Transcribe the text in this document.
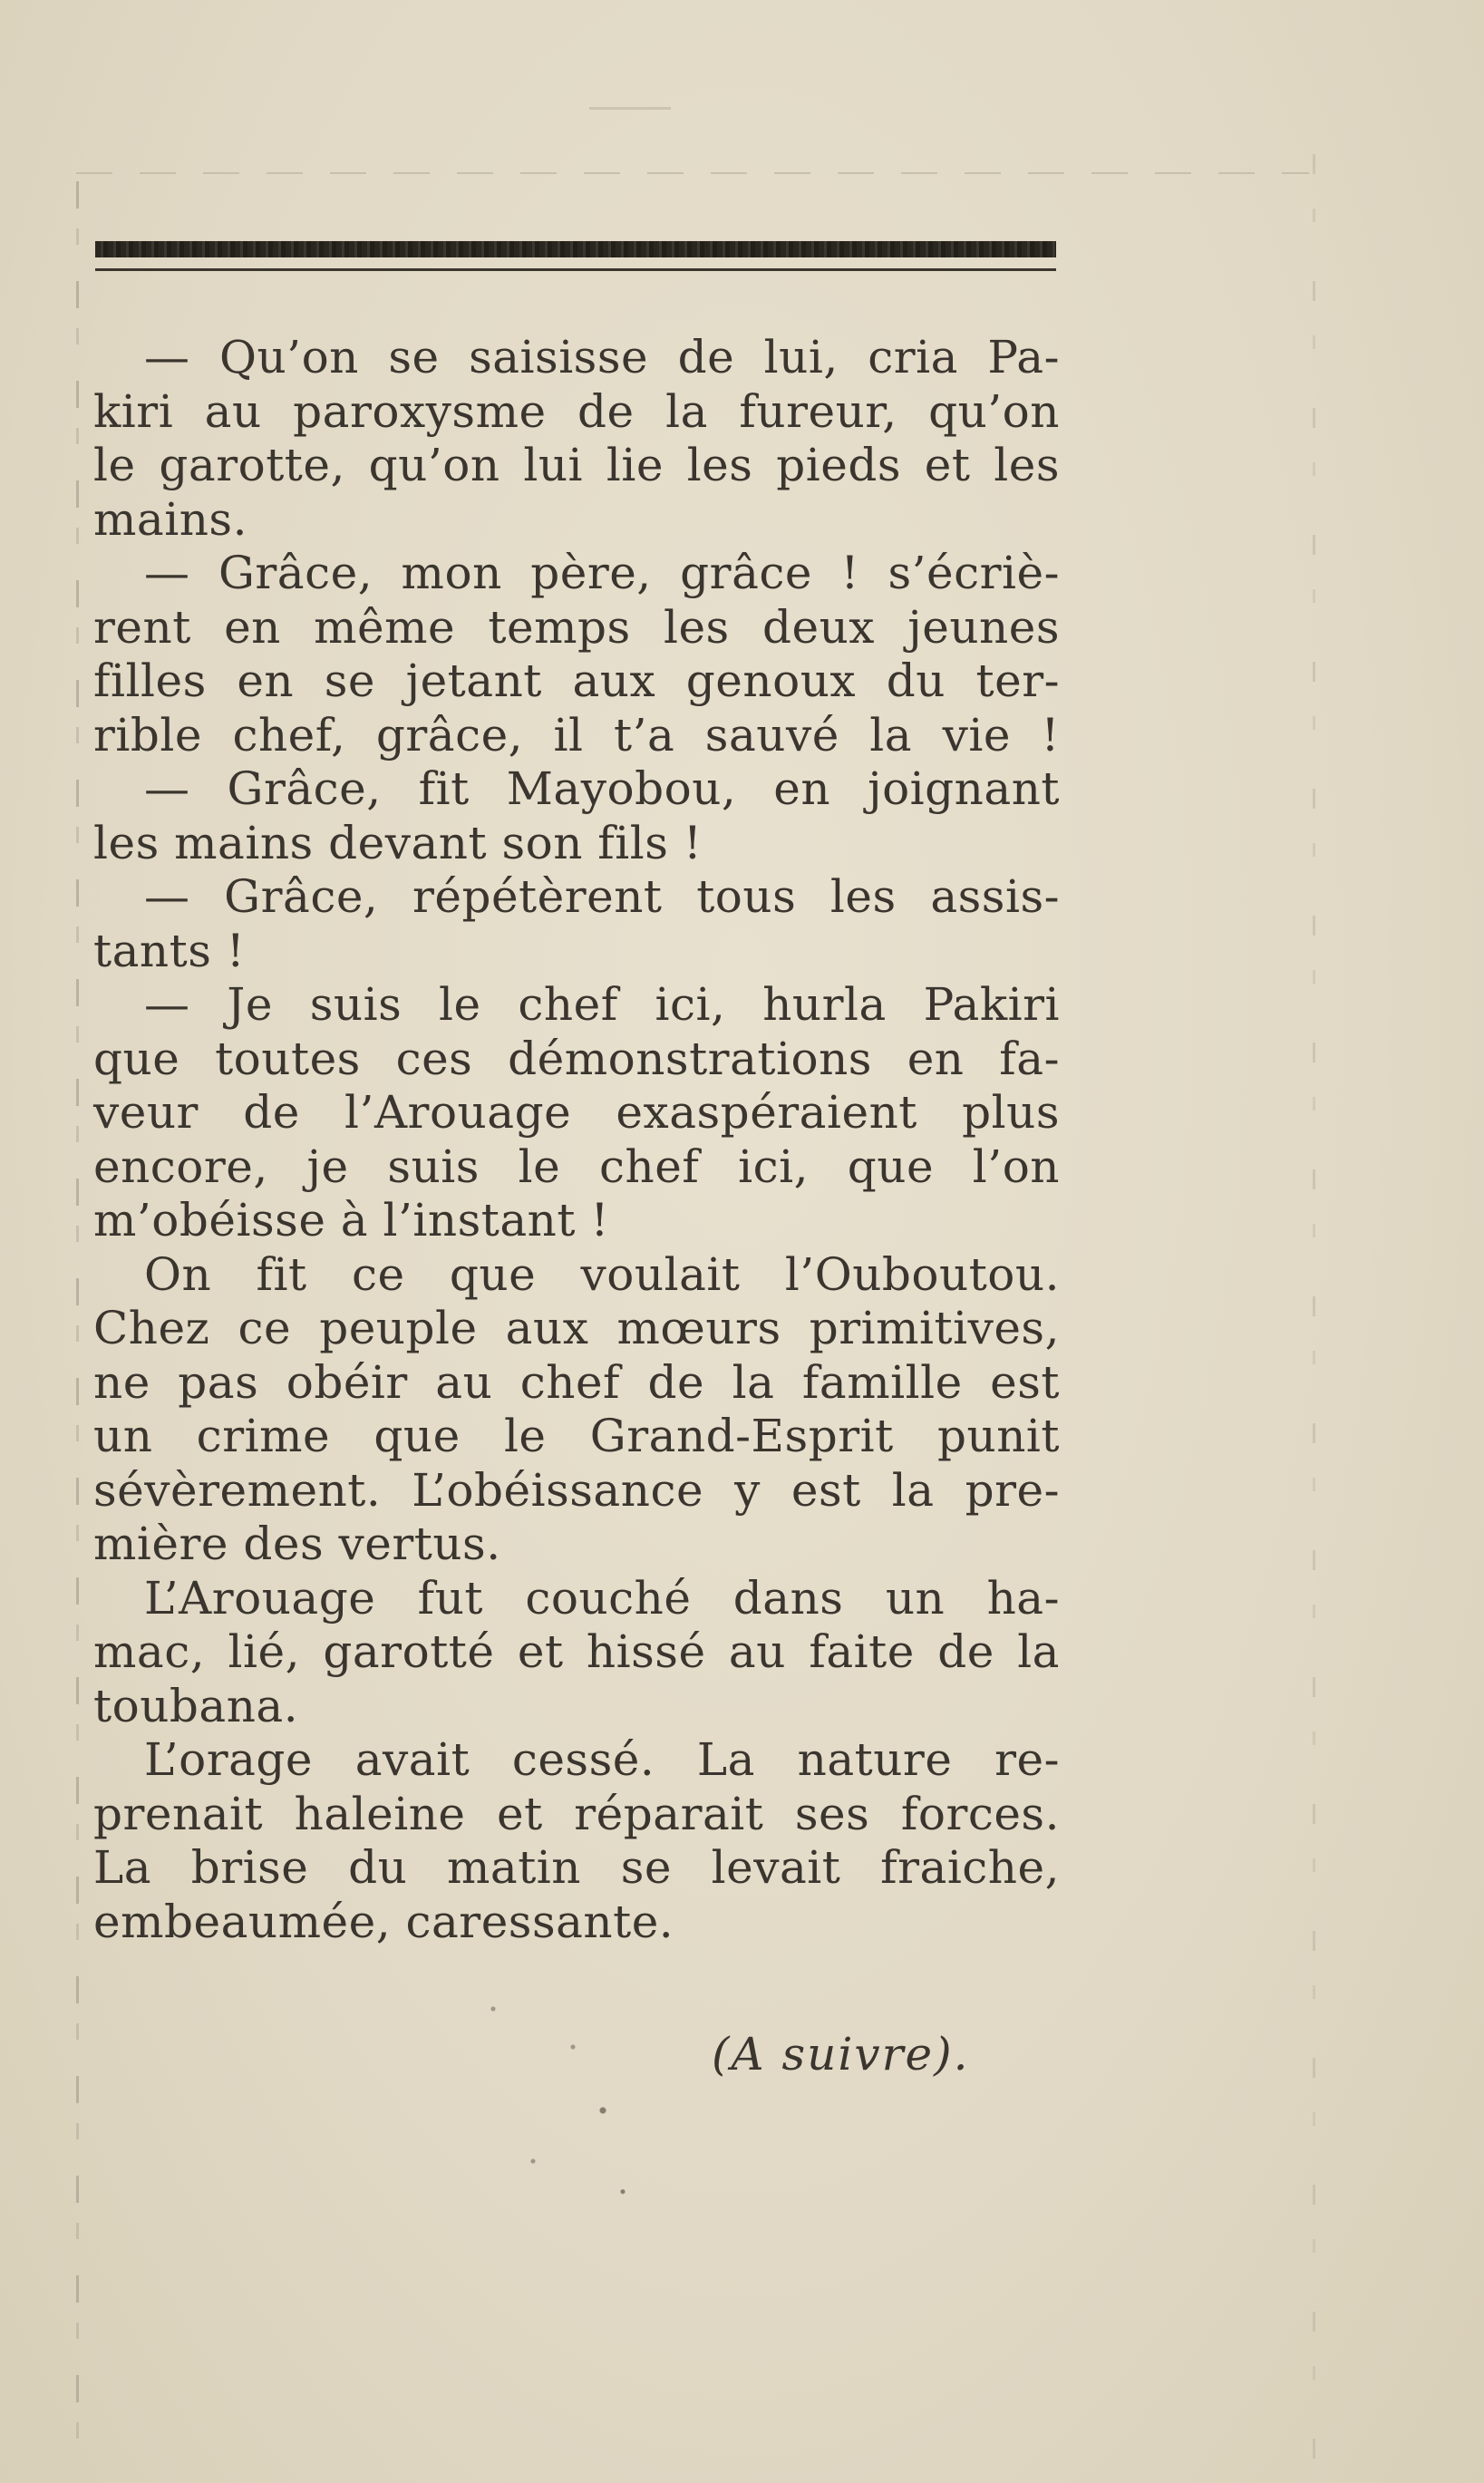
— Qu’on se saisisse de lui, cria Pa-
kiri au paroxysme de la fureur, qu’on
le garotte, qu’on lui lie les pieds et les
mains.
— Grâce, mon père, grâce ! s’écriè-
rent en même temps les deux jeunes
filles en se jetant aux genoux du ter-
rible chef, grâce, il t’a sauvé la vie !
— Grâce, fit Mayobou, en joignant
les mains devant son fils !
— Grâce, répétèrent tous les assis-
tants !
— Je suis le chef ici, hurla Pakiri
que toutes ces démonstrations en fa-
veur de l’Arouage exaspéraient plus
encore, je suis le chef ici, que l’on
m’obéisse à l’instant !
On fit ce que voulait l’Ouboutou.
Chez ce peuple aux mœurs primitives,
ne pas obéir au chef de la famille est
un crime que le Grand-Esprit punit
sévèrement. L’obéissance y est la pre-
mière des vertus.
L’Arouage fut couché dans un ha-
mac, lié, garotté et hissé au faite de la
toubana.
L’orage avait cessé. La nature re-
prenait haleine et réparait ses forces.
La brise du matin se levait fraiche,
embeaumée, caressante.
(A suivre).
